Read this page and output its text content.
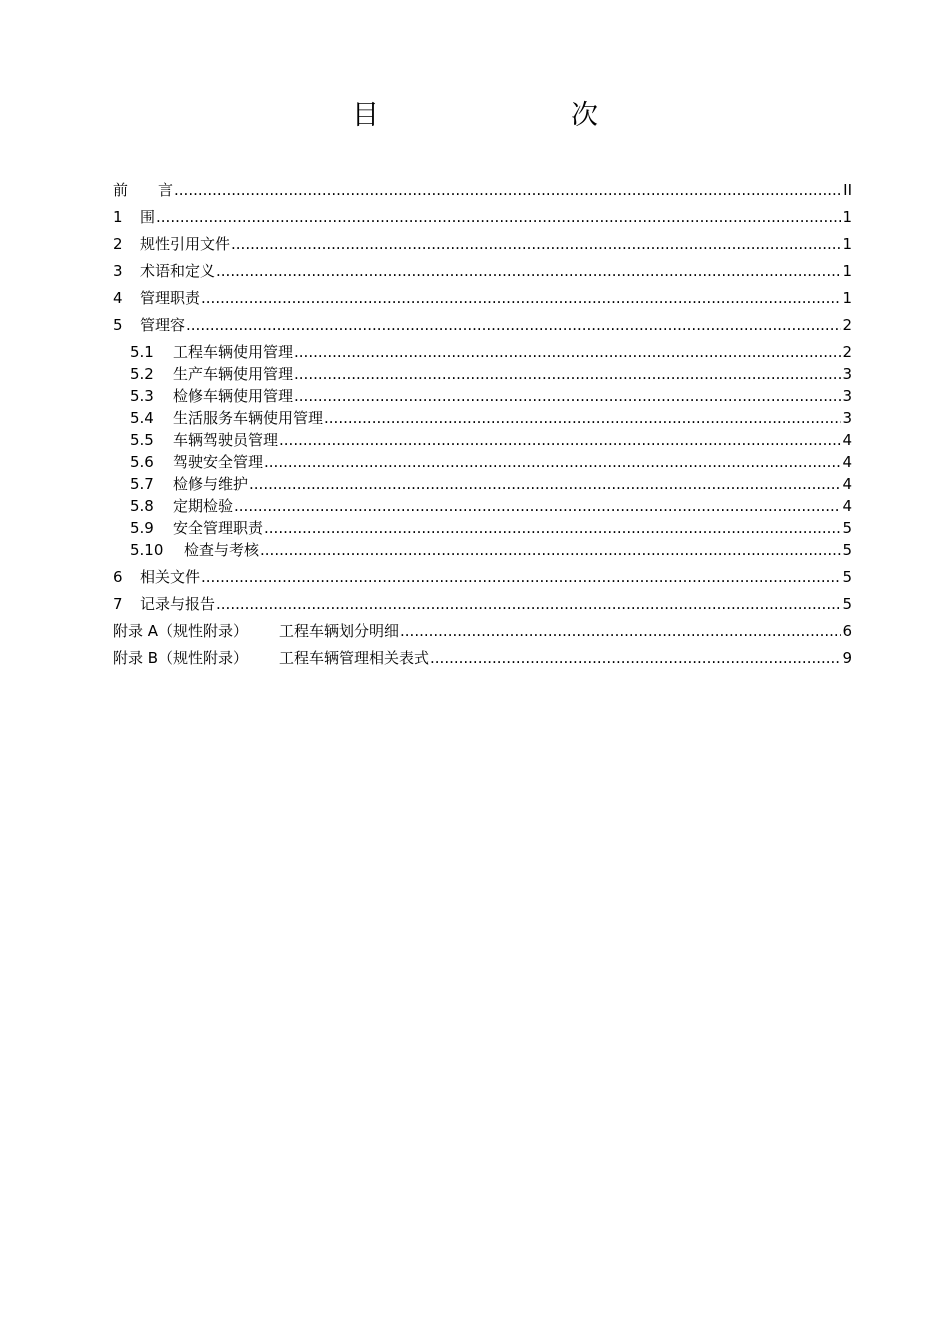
目　　次
前　　言 .....	II
1	围 .....	1
2	规性引用文件 .....	1
3	术语和定义 .....	1
4	管理职责 .....	1
5	管理容 .....	2
5.1	工程车辆使用管理 .....	2
5.2	生产车辆使用管理 .....	3
5.3	检修车辆使用管理 .....	3
5.4	生活服务车辆使用管理 .....	3
5.5	车辆驾驶员管理 .....	4
5.6	驾驶安全管理 .....	4
5.7	检修与维护 .....	4
5.8	定期检验 .....	4
5.9	安全管理职责 .....	5
5.10	检查与考核 .....	5
6	相关文件 .....	5
7	记录与报告 .....	5
附录 A（规性附录）	工程车辆划分明细 .....	6
附录 B（规性附录）	工程车辆管理相关表式 .....	9
